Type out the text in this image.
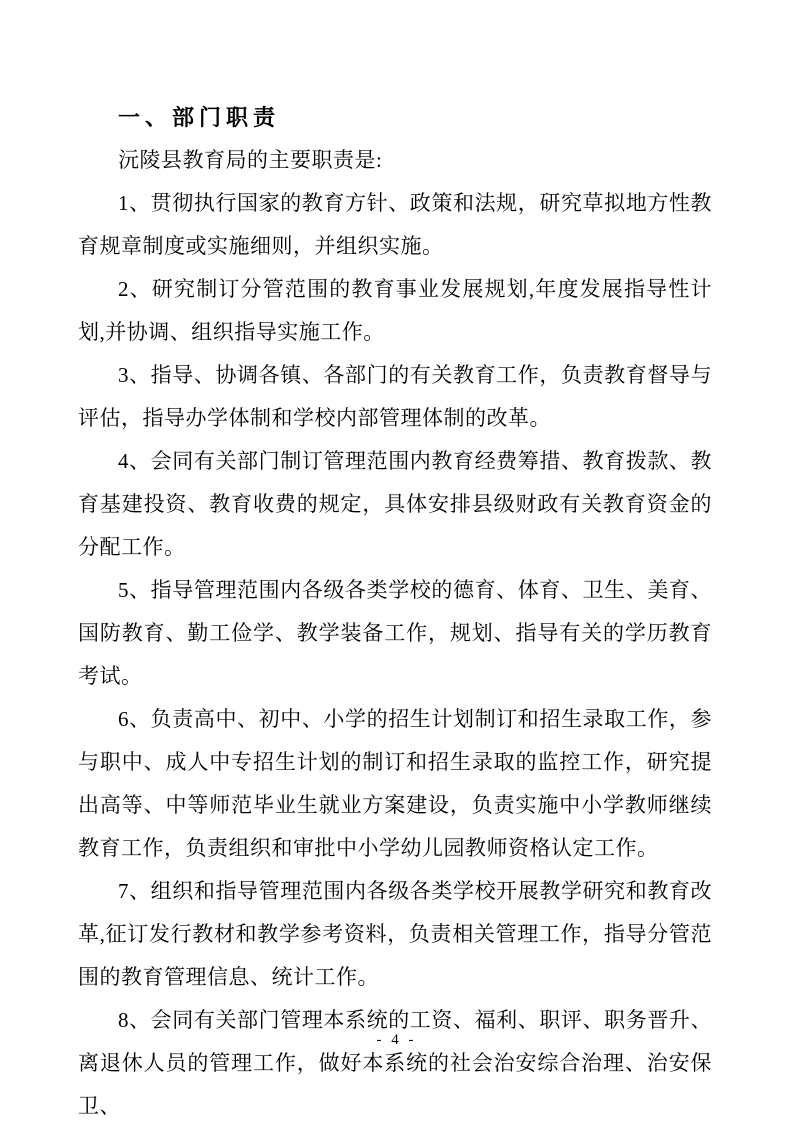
一、部门职责

沅陵县教育局的主要职责是:

1、贯彻执行国家的教育方针、政策和法规，研究草拟地方性教育规章制度或实施细则，并组织实施。

2、研究制订分管范围的教育事业发展规划,年度发展指导性计划,并协调、组织指导实施工作。

3、指导、协调各镇、各部门的有关教育工作，负责教育督导与评估，指导办学体制和学校内部管理体制的改革。

4、会同有关部门制订管理范围内教育经费筹措、教育拨款、教育基建投资、教育收费的规定，具体安排县级财政有关教育资金的分配工作。

5、指导管理范围内各级各类学校的德育、体育、卫生、美育、国防教育、勤工俭学、教学装备工作，规划、指导有关的学历教育考试。

6、负责高中、初中、小学的招生计划制订和招生录取工作，参与职中、成人中专招生计划的制订和招生录取的监控工作，研究提出高等、中等师范毕业生就业方案建设，负责实施中小学教师继续教育工作，负责组织和审批中小学幼儿园教师资格认定工作。

7、组织和指导管理范围内各级各类学校开展教学研究和教育改革,征订发行教材和教学参考资料，负责相关管理工作，指导分管范围的教育管理信息、统计工作。

8、会同有关部门管理本系统的工资、福利、职评、职务晋升、离退休人员的管理工作，做好本系统的社会治安综合治理、治安保卫、

- 4 -
